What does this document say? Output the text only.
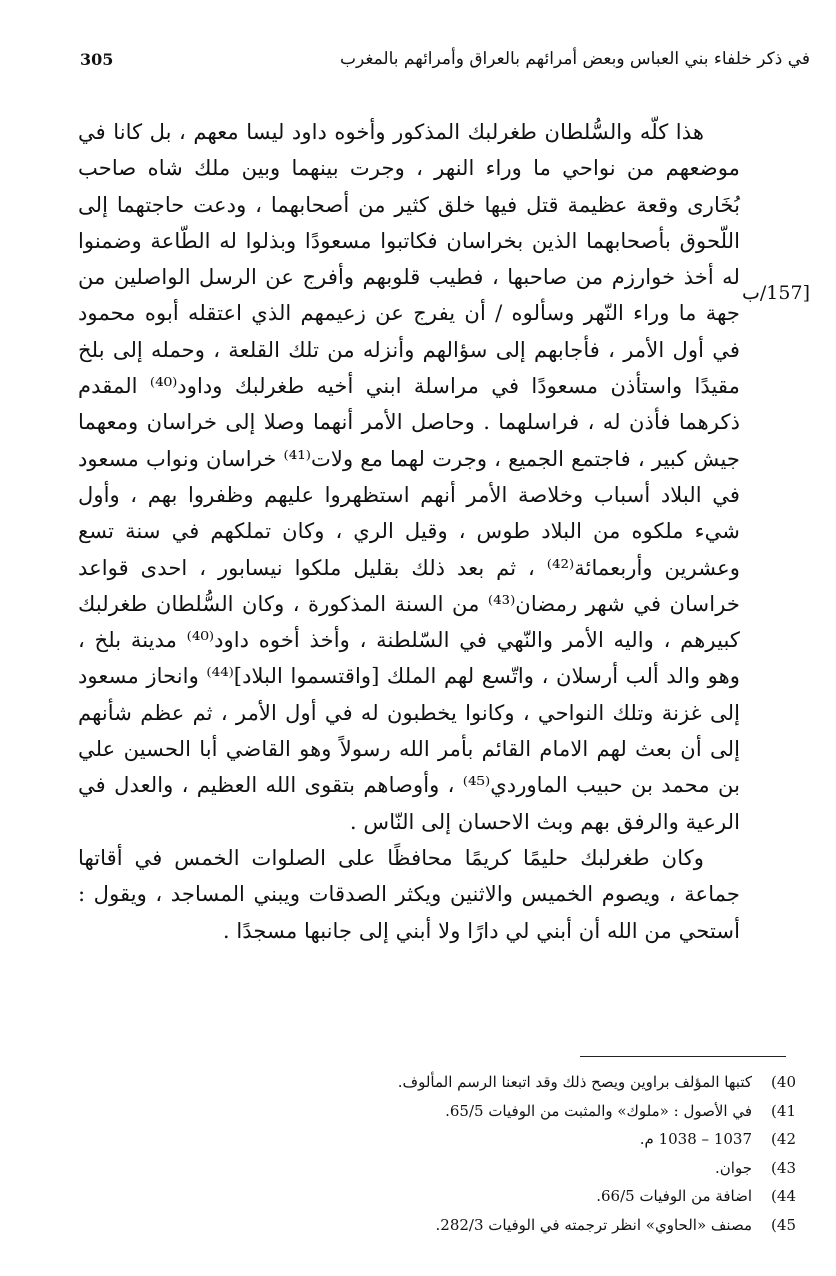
في ذكر خلفاء بني العباس وبعض أمرائهم بالعراق وأمرائهم بالمغرب
305
[157/ب

هذا كلّه والسُّلطان طغرلبك المذكور وأخوه داود ليسا معهم ، بل كانا في موضعهم من نواحي ما وراء النهر ، وجرت بينهما وبين ملك شاه صاحب بُخَارى وقعة عظيمة قتل فيها خلق كثير من أصحابهما ، ودعت حاجتهما إلى اللّحوق بأصحابهما الذين بخراسان فكاتبوا مسعودًا وبذلوا له الطّاعة وضمنوا له أخذ خوارزم من صاحبها ، فطيب قلوبهم وأفرج عن الرسل الواصلين من جهة ما وراء النّهر وسألوه / أن يفرج عن زعيمهم الذي اعتقله أبوه محمود في أول الأمر ، فأجابهم إلى سؤالهم وأنزله من تلك القلعة ، وحمله إلى بلخ مقيدًا واستأذن مسعودًا في مراسلة ابني أخيه طغرلبك وداود⁽⁴⁰⁾ المقدم ذكرهما فأذن له ، فراسلهما . وحاصل الأمر أنهما وصلا إلى خراسان ومعهما جيش كبير ، فاجتمع الجميع ، وجرت لهما مع ولات⁽⁴¹⁾ خراسان ونواب مسعود في البلاد أسباب وخلاصة الأمر أنهم استظهروا عليهم وظفروا بهم ، وأول شيء ملكوه من البلاد طوس ، وقيل الري ، وكان تملكهم في سنة تسع وعشرين وأربعمائة⁽⁴²⁾ ، ثم بعد ذلك بقليل ملكوا نيسابور ، احدى قواعد خراسان في شهر رمضان⁽⁴³⁾ من السنة المذكورة ، وكان السُّلطان طغرلبك كبيرهم ، واليه الأمر والنّهي في السّلطنة ، وأخذ أخوه داود⁽⁴⁰⁾ مدينة بلخ ، وهو والد ألب أرسلان ، واتّسع لهم الملك [واقتسموا البلاد]⁽⁴⁴⁾ وانحاز مسعود إلى غزنة وتلك النواحي ، وكانوا يخطبون له في أول الأمر ، ثم عظم شأنهم إلى أن بعث لهم الامام القائم بأمر الله رسولاً وهو القاضي أبا الحسين علي بن محمد بن حبيب الماوردي⁽⁴⁵⁾ ، وأوصاهم بتقوى الله العظيم ، والعدل في الرعية والرفق بهم وبث الاحسان إلى النّاس .

وكان طغرلبك حليمًا كريمًا محافظًا على الصلوات الخمس في أقاتها جماعة ، ويصوم الخميس والاثنين ويكثر الصدقات ويبني المساجد ، ويقول : أستحي من الله أن أبني لي دارًا ولا أبني إلى جانبها مسجدًا .

(40
كتبها المؤلف براوين ويصح ذلك وقد اتبعنا الرسم المألوف.
(41
في الأصول : «ملوك» والمثبت من الوفيات 65/5.
(42
1037 – 1038 م.
(43
جوان.
(44
اضافة من الوفيات 66/5.
(45
مصنف «الحاوي» انظر ترجمته في الوفيات 282/3.
